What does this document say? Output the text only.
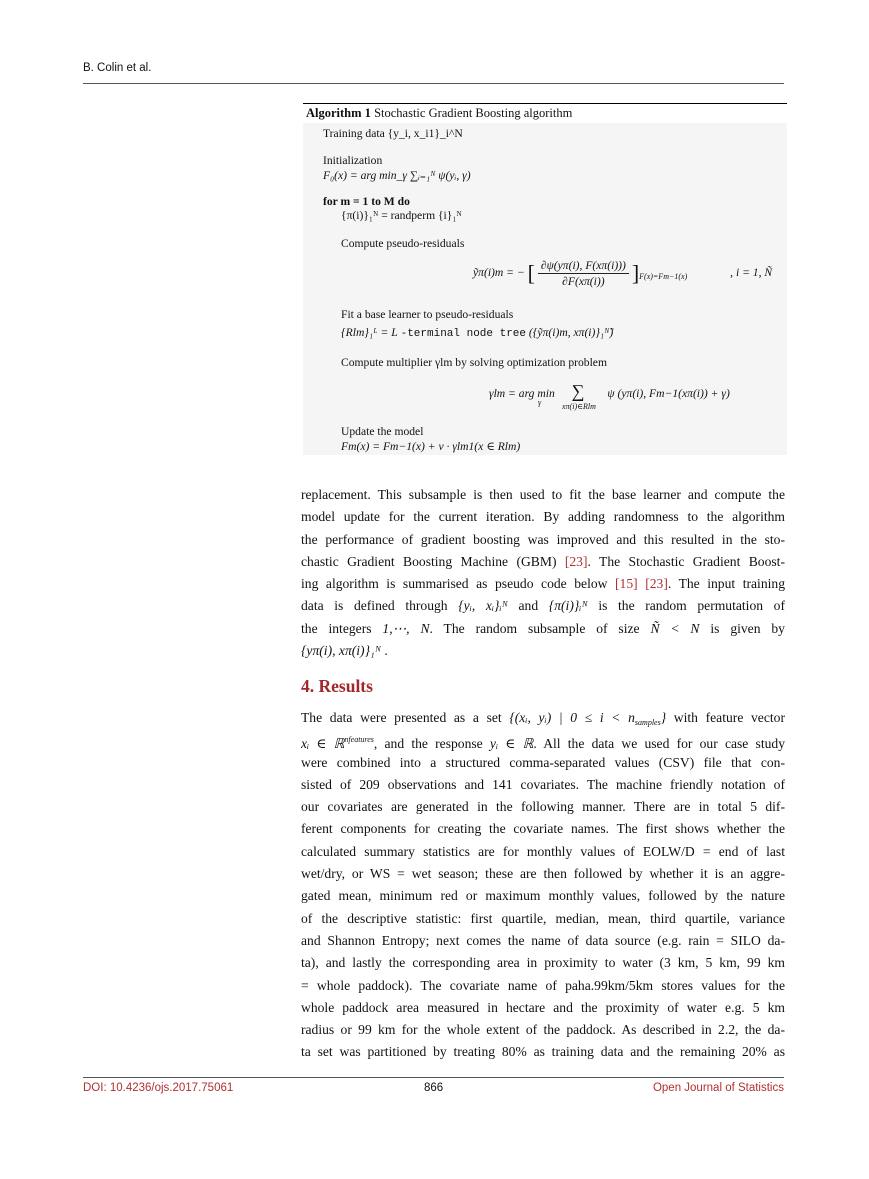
B. Colin et al.
Algorithm 1 Stochastic Gradient Boosting algorithm
Training data {y_i, x_i1}_i^N
Initialization
F₀(x) = arg min_γ ∑ᵢ₌₁ᴺ ψ(yᵢ, γ)
for m = 1 to M do
{π(i)}₁ᴺ = randperm {i}₁ᴺ
Compute pseudo-residuals
ỹπ(i)m = − [ $\frac{\partial\psi(y\pi(i), F(x\pi(i)))}{\partial F(x\pi(i))} ]_{F(x)=Fm-1(x)}$	, i = 1, Ñ
Fit a base learner to pseudo-residuals
{Rlm}₁ᴸ = L -terminal node tree ({ỹπ(i)m, xπ(i)}₁ᴺ̃)
Compute multiplier γlm by solving optimization problem
γlm = arg min ∑ ψ (yπ(i), Fm−1(xπ(i)) + γ)
γ	xπ(i)∈Rlm
Update the model
Fm(x) = Fm−1(x) + ν · γlm1(x ∈ Rlm)
replacement. This subsample is then used to fit the base learner and compute the
model update for the current iteration. By adding randomness to the algorithm
the performance of gradient boosting was improved and this resulted in the sto-
chastic Gradient Boosting Machine (GBM) [23]. The Stochastic Gradient Boost-
ing algorithm is summarised as pseudo code below [15] [23]. The input training
data is defined through {yᵢ, xᵢ}ᵢᴺ and {π(i)}ᵢᴺ is the random permutation of
the integers 1,⋯, N. The random subsample of size Ñ < N is given by
{yπ(i), xπ(i)}₁ᴺ .
4. Results
The data were presented as a set {(xᵢ, yᵢ) | $0 \le i < n_{samples}$} with feature vector
xᵢ ∈ ℝ$^{nfeatures}$, and the response yᵢ ∈ ℝ. All the data we used for our case study
were combined into a structured comma-separated values (CSV) file that con-
sisted of 209 observations and 141 covariates. The machine friendly notation of
our covariates are generated in the following manner. There are in total 5 dif-
ferent components for creating the covariate names. The first shows whether the
calculated summary statistics are for monthly values of EOLW/D = end of last
wet/dry, or WS = wet season; these are then followed by whether it is an aggre-
gated mean, minimum red or maximum monthly values, followed by the nature
of the descriptive statistic: first quartile, median, mean, third quartile, variance
and Shannon Entropy; next comes the name of data source (e.g. rain = SILO da-
ta), and lastly the corresponding area in proximity to water (3 km, 5 km, 99 km
= whole paddock). The covariate name of paha.99km/5km stores values for the
whole paddock area measured in hectare and the proximity of water e.g. 5 km
radius or 99 km for the whole extent of the paddock. As described in 2.2, the da-
ta set was partitioned by treating 80% as training data and the remaining 20% as
DOI: 10.4236/ojs.2017.75061	866	Open Journal of Statistics
